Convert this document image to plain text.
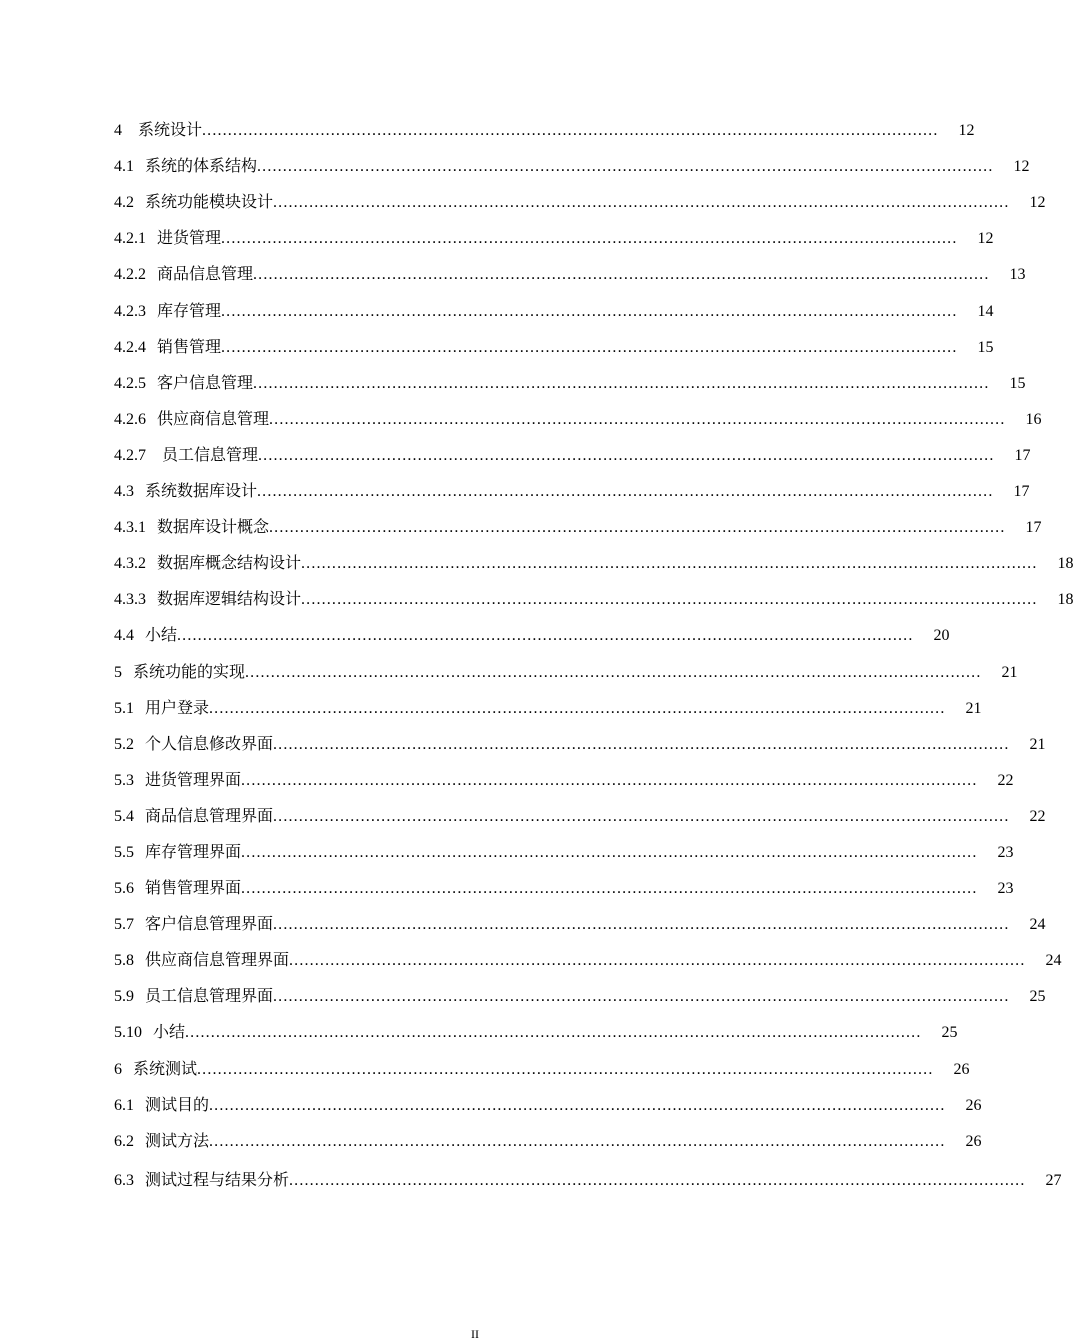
4 系统设计 ...............................................................................................................................................	12
4.1 系统的体系结构 ...............................................................................................................................................	12
4.2 系统功能模块设计 ...............................................................................................................................................	12
4.2.1 进货管理 ...............................................................................................................................................	12
4.2.2 商品信息管理 ...............................................................................................................................................	13
4.2.3 库存管理 ...............................................................................................................................................	14
4.2.4 销售管理 ...............................................................................................................................................	15
4.2.5 客户信息管理 ...............................................................................................................................................	15
4.2.6 供应商信息管理 ...............................................................................................................................................	16
4.2.7 员工信息管理 ...............................................................................................................................................	17
4.3 系统数据库设计 ...............................................................................................................................................	17
4.3.1 数据库设计概念 ...............................................................................................................................................	17
4.3.2 数据库概念结构设计 ...............................................................................................................................................	18
4.3.3 数据库逻辑结构设计 ...............................................................................................................................................	18
4.4 小结 ...............................................................................................................................................	20
5 系统功能的实现 ...............................................................................................................................................	21
5.1 用户登录 ...............................................................................................................................................	21
5.2 个人信息修改界面 ...............................................................................................................................................	21
5.3 进货管理界面 ...............................................................................................................................................	22
5.4 商品信息管理界面 ...............................................................................................................................................	22
5.5 库存管理界面 ...............................................................................................................................................	23
5.6 销售管理界面 ...............................................................................................................................................	23
5.7 客户信息管理界面 ...............................................................................................................................................	24
5.8 供应商信息管理界面 ...............................................................................................................................................	24
5.9 员工信息管理界面 ...............................................................................................................................................	25
5.10 小结 ...............................................................................................................................................	25
6 系统测试 ...............................................................................................................................................	26
6.1 测试目的 ...............................................................................................................................................	26
6.2 测试方法 ...............................................................................................................................................	26
6.3 测试过程与结果分析 ...............................................................................................................................................	27
II
